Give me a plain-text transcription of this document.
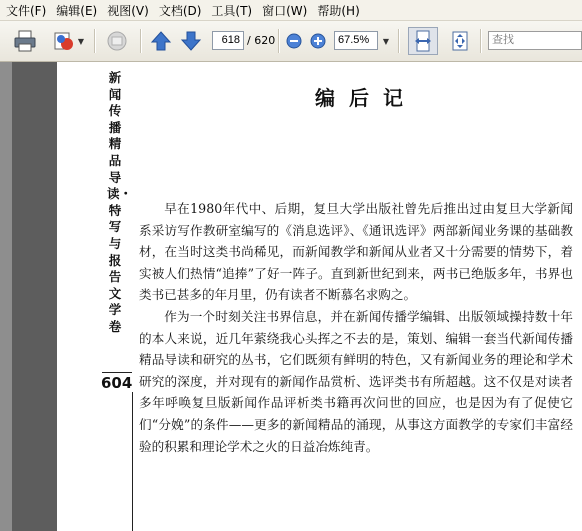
文件(F) 编辑(E) 视图(V) 文档(D) 工具(T) 窗口(W) 帮助(H)
▼
618	/ 620
67.5%	▼
查找
新闻传播精品导读・特写与报告文学卷
604
编后记

早在1980年代中、后期，复旦大学出版社曾先后推出过由复旦大学新闻系采访写作教研室编写的《消息选评》、《通讯选评》两部新闻业务课的基础教材，在当时这类书尚稀见，而新闻教学和新闻从业者又十分需要的情势下，着实被人们热情“追捧”了好一阵子。直到新世纪到来，两书已绝版多年，书界也类书已甚多的年月里，仍有读者不断慕名求购之。

作为一个时刻关注书界信息，并在新闻传播学编辑、出版领域操持数十年的本人来说，近几年萦绕我心头挥之不去的是，策划、编辑一套当代新闻传播精品导读和研究的丛书，它们既须有鲜明的特色，又有新闻业务的理论和学术研究的深度，并对现有的新闻作品赏析、选评类书有所超越。这不仅是对读者多年呼唤复旦版新闻作品评析类书籍再次问世的回应，也是因为有了促使它们“分娩”的条件——更多的新闻精品的涌现，从事这方面教学的专家们丰富经验的积累和理论学术之火的日益冶炼纯青。
